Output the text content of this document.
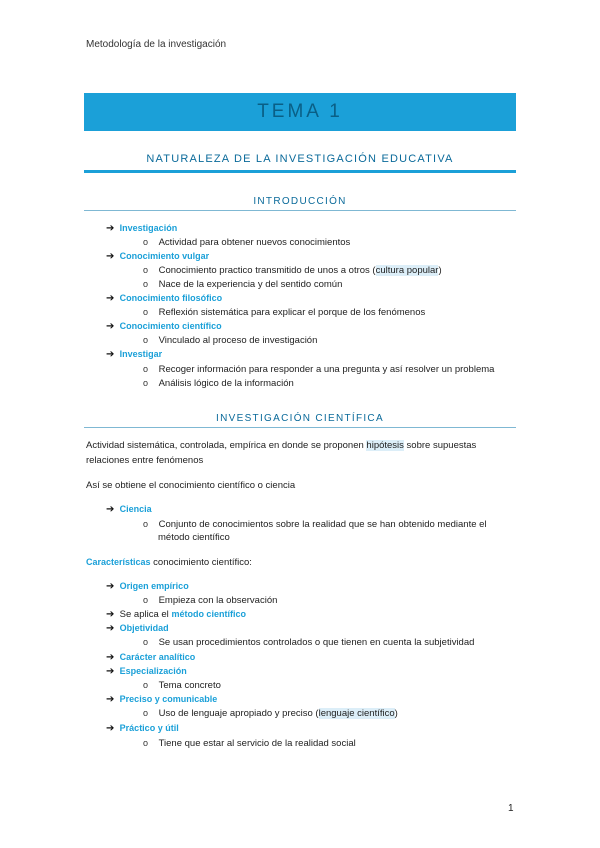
Metodología de la investigación
TEMA 1
NATURALEZA DE LA INVESTIGACIÓN EDUCATIVA
INTRODUCCIÓN
➔ Investigación
o Actividad para obtener nuevos conocimientos
➔ Conocimiento vulgar
o Conocimiento practico transmitido de unos a otros (cultura popular)
o Nace de la experiencia y del sentido común
➔ Conocimiento filosófico
o Reflexión sistemática para explicar el porque de los fenómenos
➔ Conocimiento científico
o Vinculado al proceso de investigación
➔ Investigar
o Recoger información para responder a una pregunta y así resolver un problema
o Análisis lógico de la información
INVESTIGACIÓN CIENTÍFICA
Actividad sistemática, controlada, empírica en donde se proponen hipótesis sobre supuestas
relaciones entre fenómenos
Así se obtiene el conocimiento científico o ciencia
➔ Ciencia
o Conjunto de conocimientos sobre la realidad que se han obtenido mediante el
método científico
Características conocimiento científico:
➔ Origen empírico
o Empieza con la observación
➔ Se aplica el método científico
➔ Objetividad
o Se usan procedimientos controlados o que tienen en cuenta la subjetividad
➔ Carácter analítico
➔ Especialización
o Tema concreto
➔ Preciso y comunicable
o Uso de lenguaje apropiado y preciso (lenguaje científico)
➔ Práctico y útil
o Tiene que estar al servicio de la realidad social
1
